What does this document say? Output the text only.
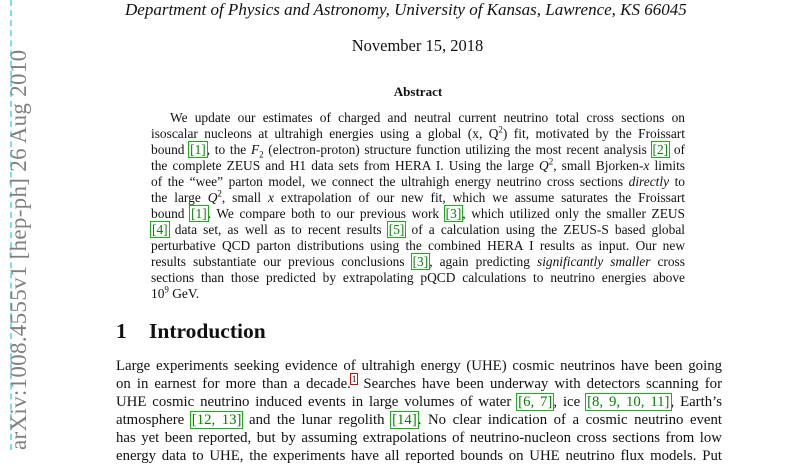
arXiv:1008.4555v1 [hep-ph] 26 Aug 2010
Department of Physics and Astronomy, University of Kansas, Lawrence, KS 66045
November 15, 2018
Abstract
We update our estimates of charged and neutral current neutrino total cross sections on
isoscalar nucleons at ultrahigh energies using a global (x, $Q^2$) fit, motivated by the Froissart
bound [1], to the $F_2$ (electron-proton) structure function utilizing the most recent analysis [2] of
the complete ZEUS and H1 data sets from HERA I. Using the large $Q^2$, small Bjorken-x limits
of the “wee” parton model, we connect the ultrahigh energy neutrino cross sections directly to
the large $Q^2$, small x extrapolation of our new fit, which we assume saturates the Froissart
bound [1]. We compare both to our previous work [3], which utilized only the smaller ZEUS
[4] data set, as well as to recent results [5] of a calculation using the ZEUS-S based global
perturbative QCD parton distributions using the combined HERA I results as input. Our new
results substantiate our previous conclusions [3], again predicting significantly smaller cross
sections than those predicted by extrapolating pQCD calculations to neutrino energies above
$10^9$ GeV.
1 Introduction
Large experiments seeking evidence of ultrahigh energy (UHE) cosmic neutrinos have been going
on in earnest for more than a decade.$^1$ Searches have been underway with detectors scanning for
UHE cosmic neutrino induced events in large volumes of water [6, 7], ice [8, 9, 10, 11], Earth’s
atmosphere [12, 13] and the lunar regolith [14]. No clear indication of a cosmic neutrino event
has yet been reported, but by assuming extrapolations of neutrino-nucleon cross sections from low
energy data to UHE, the experiments have all reported bounds on UHE neutrino flux models. Put
